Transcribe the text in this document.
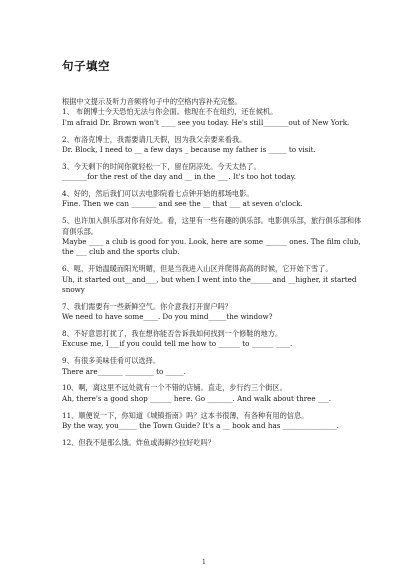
句子填空
根据中文提示及听力音频将句子中的空格内容补充完整。
1、 布朗博士今天恐怕无法与你会面。他现在不在纽约，还在候机。
I'm afraid Dr. Brown won't ____ see you today. He's still_______out of New York.
2、布洛克博士，我需要请几天假，因为我父亲要来看我。
Dr. Block, I need to __ a few days _ because my father is _____ to visit.
3、今天剩下的时间你就轻松一下，留在阴凉处。今天太热了。
_______for the rest of the day and __ in the ___. It's too hot today.
4、好的，然后我们可以去电影院看七点钟开始的那场电影。
Fine. Then we can _______ and see the __ that ___ at seven o'clock.
5、也许加入俱乐部对你有好处。看，这里有一些有趣的俱乐部。电影俱乐部，旅行俱乐部和体育俱乐部。
Maybe ____ a club is good for you. Look, here are some ______ ones. The film club, the ___ club and the sports club.
6、呃，开始温暖而阳光明媚，但是当我进入山区并爬得高高的时候，它开始下雪了。
Uh, it started out__and___, but when I went into the______and __higher, it started snowy
7、我们需要有一些新鲜空气。你介意我打开窗户吗？
We need to have some____. Do you mind_____the window?
8、不好意思打扰了，我在想你能否告诉我如何找到一个修鞋的地方。
Excuse me, I___if you could tell me how to ______ to ______ ____.
9、有很多美味佳肴可以选择。
There are_______ ________ to _____.
10、啊，离这里不远处就有一个不错的店铺。直走，步行约三个街区。
Ah, there's a good shop ______ here. Go _______. And walk about three ___.
11、顺便说一下，你知道《城镇指南》吗？这本书很薄，有各种有用的信息。
By the way, you_____ the Town Guide? It's a __ book and has _______________.
12、但我不是那么饿。炸鱼或海鲜沙拉好吃吗？
1
